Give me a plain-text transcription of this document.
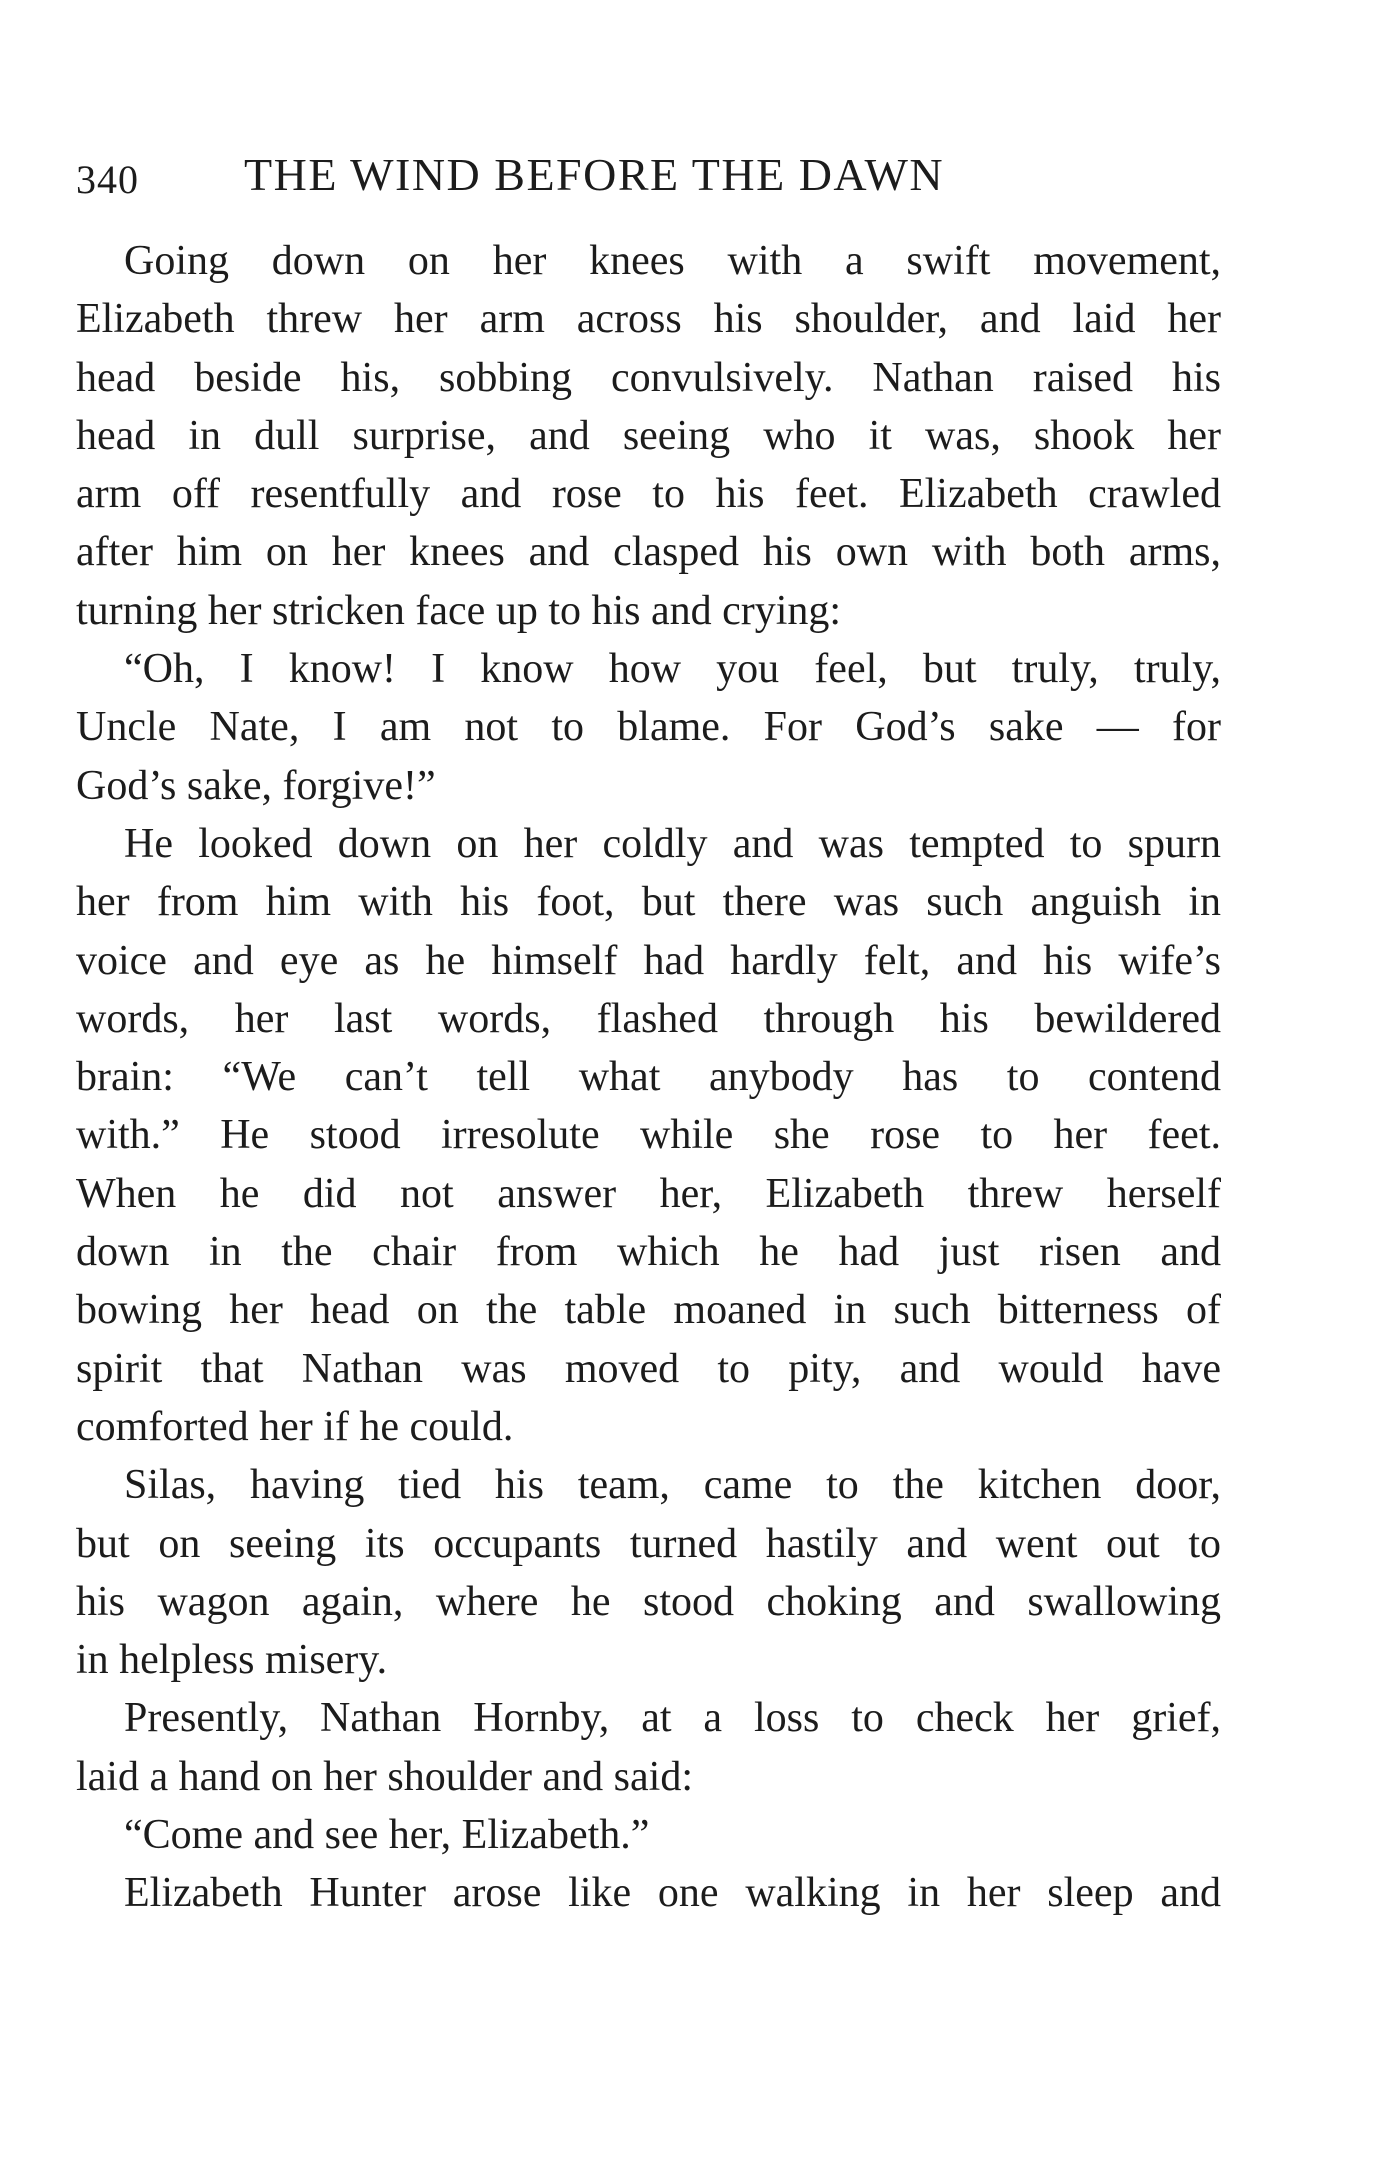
340 THE WIND BEFORE THE DAWN
Going down on her knees with a swift movement,
Elizabeth threw her arm across his shoulder, and laid her
head beside his, sobbing convulsively. Nathan raised his
head in dull surprise, and seeing who it was, shook her
arm off resentfully and rose to his feet. Elizabeth crawled
after him on her knees and clasped his own with both arms,
turning her stricken face up to his and crying:
“Oh, I know! I know how you feel, but truly, truly,
Uncle Nate, I am not to blame. For God’s sake — for
God’s sake, forgive!”
He looked down on her coldly and was tempted to spurn
her from him with his foot, but there was such anguish in
voice and eye as he himself had hardly felt, and his wife’s
words, her last words, flashed through his bewildered
brain: “We can’t tell what anybody has to contend
with.” He stood irresolute while she rose to her feet.
When he did not answer her, Elizabeth threw herself
down in the chair from which he had just risen and
bowing her head on the table moaned in such bitterness of
spirit that Nathan was moved to pity, and would have
comforted her if he could.
Silas, having tied his team, came to the kitchen door,
but on seeing its occupants turned hastily and went out to
his wagon again, where he stood choking and swallowing
in helpless misery.
Presently, Nathan Hornby, at a loss to check her grief,
laid a hand on her shoulder and said:
“Come and see her, Elizabeth.”
Elizabeth Hunter arose like one walking in her sleep and
